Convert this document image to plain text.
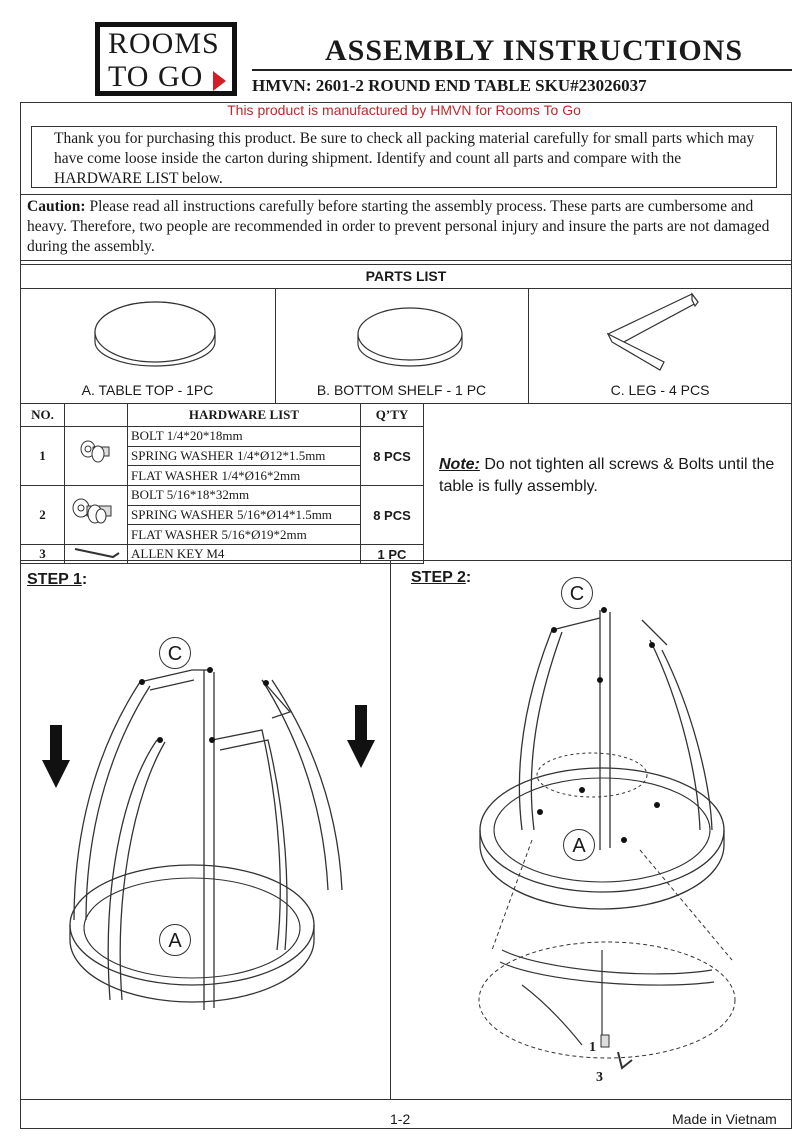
ROOMS
TO GO
ASSEMBLY INSTRUCTIONS
HMVN: 2601-2 ROUND END TABLE SKU#23026037
This product is manufactured by HMVN for Rooms To Go
Thank you for purchasing this product. Be sure to check all packing material carefully for small parts which may have come loose inside the carton during shipment. Identify and count all parts and compare with the HARDWARE LIST below.
Caution: Please read all instructions carefully before starting the assembly process. These parts are cumbersome and heavy. Therefore, two people are recommended in order to prevent personal injury and insure the parts are not damaged during the assembly.
PARTS LIST
A. TABLE TOP - 1PC	B. BOTTOM SHELF - 1 PC	C. LEG - 4 PCS
NO.		HARDWARE LIST	Q’TY
1		BOLT 1/4*20*18mm	8 PCS
		SPRING WASHER 1/4*Ø12*1.5mm	
		FLAT WASHER 1/4*Ø16*2mm	
2		BOLT 5/16*18*32mm	8 PCS
		SPRING WASHER 5/16*Ø14*1.5mm	
		FLAT WASHER 5/16*Ø19*2mm	
3		ALLEN KEY M4	1 PC
Note: Do not tighten all screws & Bolts until the table is fully assembly.
STEP 1:	STEP 2:
C
A
C
A
1
3
1-2	Made in Vietnam
